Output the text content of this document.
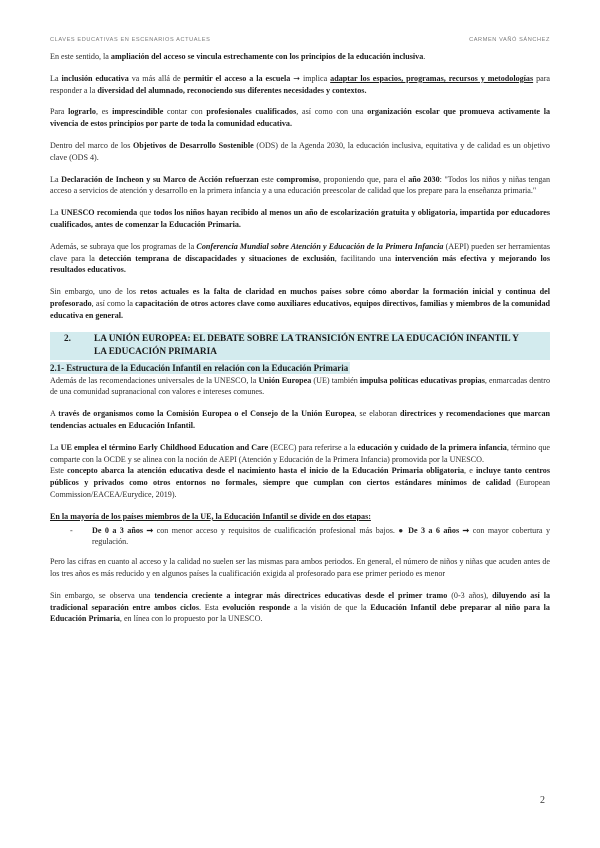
CLAVES EDUCATIVAS EN ESCENARIOS ACTUALES	CARMEN VAÑÓ SÁNCHEZ

En este sentido, la ampliación del acceso se vincula estrechamente con los principios de la educación inclusiva.

La inclusión educativa va más allá de permitir el acceso a la escuela ➞ implica adaptar los espacios, programas, recursos y metodologías para responder a la diversidad del alumnado, reconociendo sus diferentes necesidades y contextos.

Para lograrlo, es imprescindible contar con profesionales cualificados, así como con una organización escolar que promueva activamente la vivencia de estos principios por parte de toda la comunidad educativa.

Dentro del marco de los Objetivos de Desarrollo Sostenible (ODS) de la Agenda 2030, la educación inclusiva, equitativa y de calidad es un objetivo clave (ODS 4).

La Declaración de Incheon y su Marco de Acción refuerzan este compromiso, proponiendo que, para el año 2030: "Todos los niños y niñas tengan acceso a servicios de atención y desarrollo en la primera infancia y a una educación preescolar de calidad que los prepare para la enseñanza primaria."

La UNESCO recomienda que todos los niños hayan recibido al menos un año de escolarización gratuita y obligatoria, impartida por educadores cualificados, antes de comenzar la Educación Primaria.

Además, se subraya que los programas de la Conferencia Mundial sobre Atención y Educación de la Primera Infancia (AEPI) pueden ser herramientas clave para la detección temprana de discapacidades y situaciones de exclusión, facilitando una intervención más efectiva y mejorando los resultados educativos.

Sin embargo, uno de los retos actuales es la falta de claridad en muchos países sobre cómo abordar la formación inicial y continua del profesorado, así como la capacitación de otros actores clave como auxiliares educativos, equipos directivos, familias y miembros de la comunidad educativa en general.

2. LA UNIÓN EUROPEA: EL DEBATE SOBRE LA TRANSICIÓN ENTRE LA EDUCACIÓN INFANTIL Y
LA EDUCACIÓN PRIMARIA
2.1- Estructura de la Educación Infantil en relación con la Educación Primaria

Además de las recomendaciones universales de la UNESCO, la Unión Europea (UE) también impulsa políticas educativas propias, enmarcadas dentro de una comunidad supranacional con valores e intereses comunes.

A través de organismos como la Comisión Europea o el Consejo de la Unión Europea, se elaboran directrices y recomendaciones que marcan tendencias actuales en Educación Infantil.

La UE emplea el término Early Childhood Education and Care (ECEC) para referirse a la educación y cuidado de la primera infancia, término que comparte con la OCDE y se alinea con la noción de AEPI (Atención y Educación de la Primera Infancia) promovida por la UNESCO.

Este concepto abarca la atención educativa desde el nacimiento hasta el inicio de la Educación Primaria obligatoria, e incluye tanto centros públicos y privados como otros entornos no formales, siempre que cumplan con ciertos estándares mínimos de calidad (European Commission/EACEA/Eurydice, 2019).

En la mayoría de los países miembros de la UE, la Educación Infantil se divide en dos etapas:

- De 0 a 3 años ➞ con menor acceso y requisitos de cualificación profesional más bajos. ● De 3 a 6 años ➞ con mayor cobertura y regulación.

Pero las cifras en cuanto al acceso y la calidad no suelen ser las mismas para ambos periodos. En general, el número de niños y niñas que acuden antes de los tres años es más reducido y en algunos países la cualificación exigida al profesorado para ese primer periodo es menor

Sin embargo, se observa una tendencia creciente a integrar más directrices educativas desde el primer tramo (0-3 años), diluyendo así la tradicional separación entre ambos ciclos. Esta evolución responde a la visión de que la Educación Infantil debe preparar al niño para la Educación Primaria, en línea con lo propuesto por la UNESCO.

2
